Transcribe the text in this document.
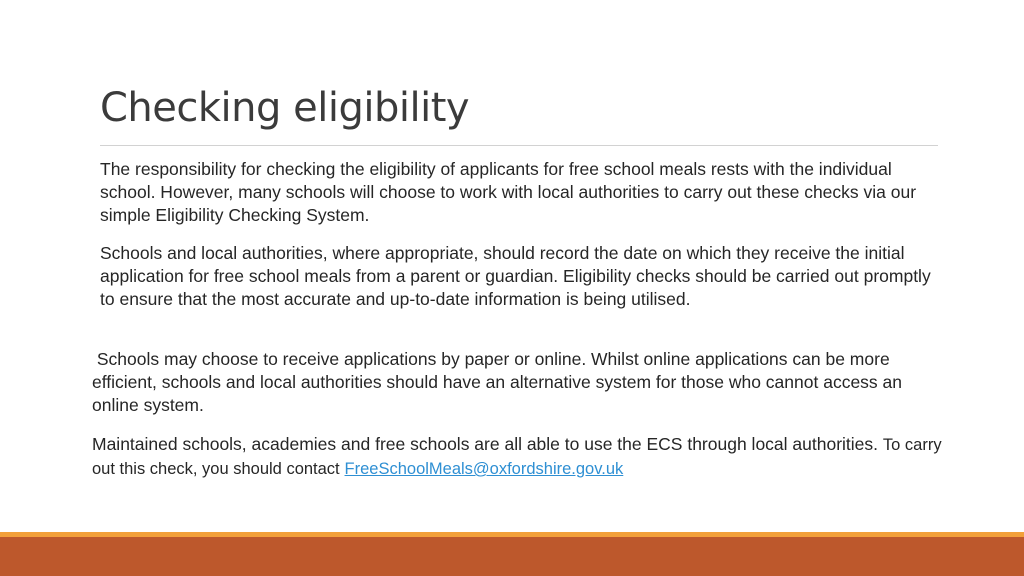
Checking eligibility

The responsibility for checking the eligibility of applicants for free school meals rests with the individual school. However, many schools will choose to work with local authorities to carry out these checks via our simple Eligibility Checking System.

Schools and local authorities, where appropriate, should record the date on which they receive the initial application for free school meals from a parent or guardian. Eligibility checks should be carried out promptly to ensure that the most accurate and up-to-date information is being utilised.

Schools may choose to receive applications by paper or online. Whilst online applications can be more efficient, schools and local authorities should have an alternative system for those who cannot access an online system.

Maintained schools, academies and free schools are all able to use the ECS through local authorities. To carry out this check, you should contact FreeSchoolMeals@oxfordshire.gov.uk
